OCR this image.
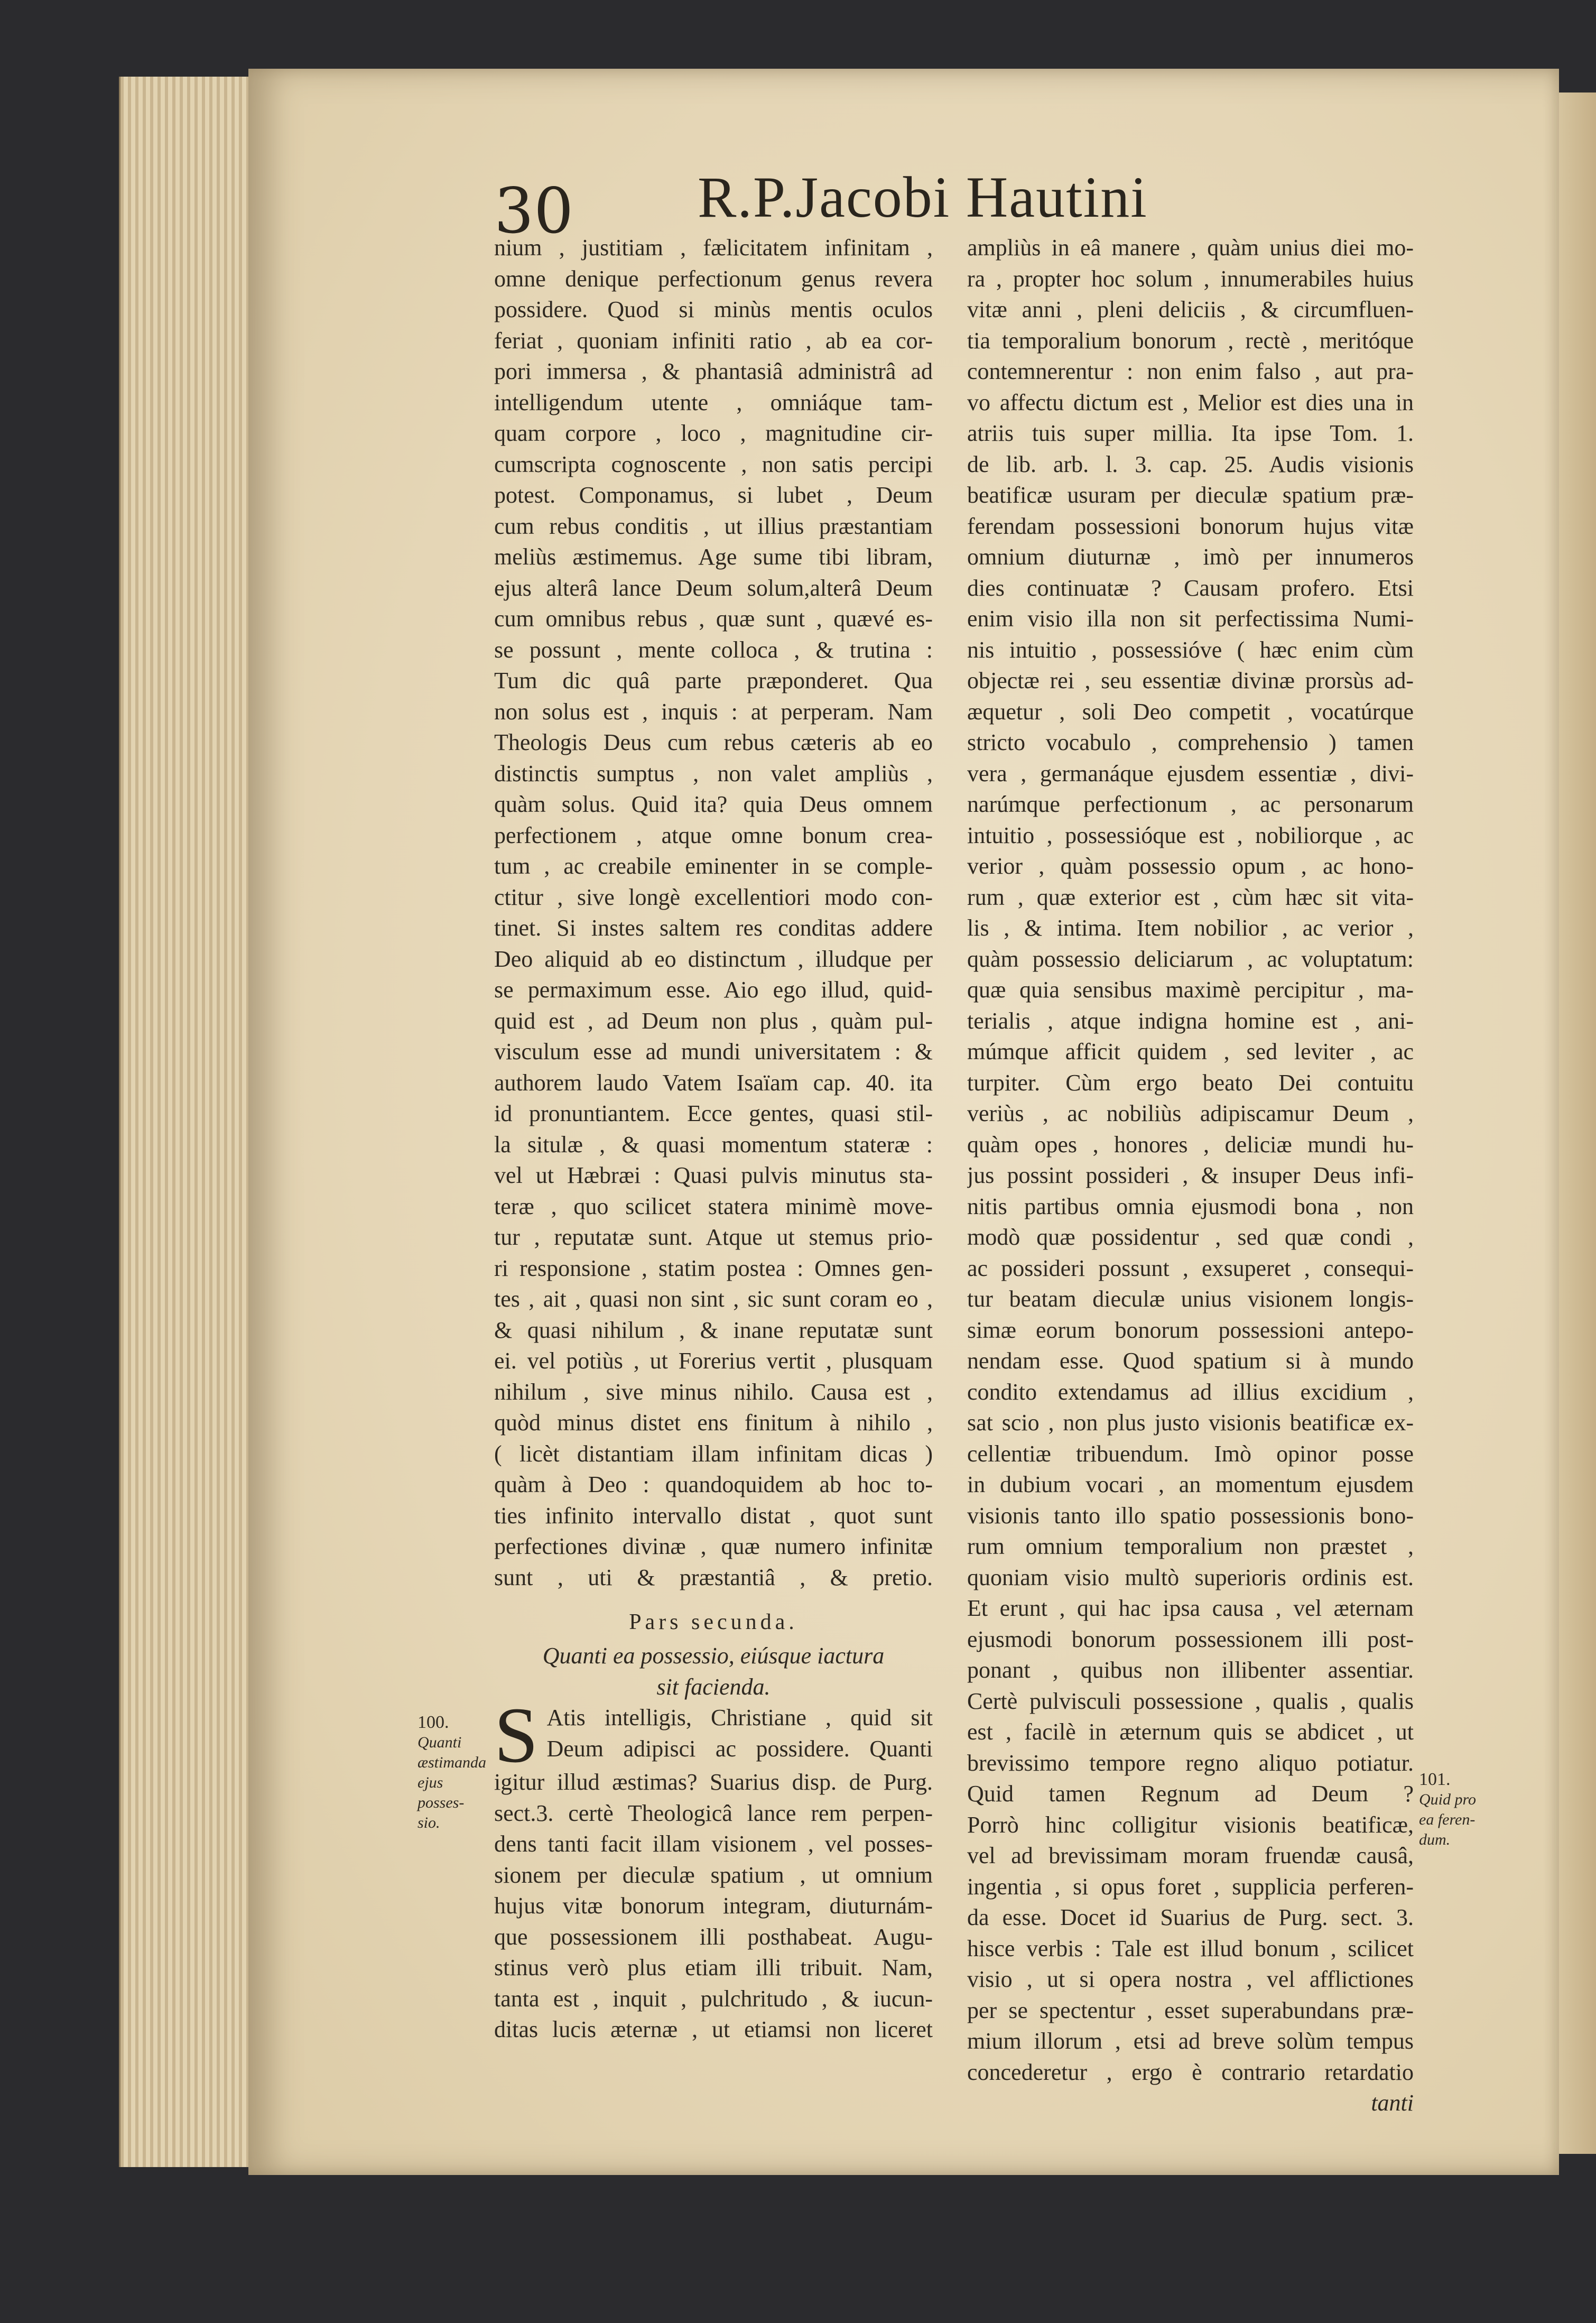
30 R.P.Jacobi Hautini
nium , justitiam , fælicitatem infinitam ,
omne denique perfectionum genus revera
possidere. Quod si minùs mentis oculos
feriat , quoniam infiniti ratio , ab ea cor-
pori immersa , & phantasiâ administrâ ad
intelligendum utente , omniáque tam-
quam corpore , loco , magnitudine cir-
cumscripta cognoscente , non satis percipi
potest. Componamus, si lubet , Deum
cum rebus conditis , ut illius præstantiam
meliùs æstimemus. Age sume tibi libram,
ejus alterâ lance Deum solum,alterâ Deum
cum omnibus rebus , quæ sunt , quævé es-
se possunt , mente colloca , & trutina :
Tum dic quâ parte præponderet. Qua
non solus est , inquis : at perperam. Nam
Theologis Deus cum rebus cæteris ab eo
distinctis sumptus , non valet ampliùs ,
quàm solus. Quid ita? quia Deus omnem
perfectionem , atque omne bonum crea-
tum , ac creabile eminenter in se comple-
ctitur , sive longè excellentiori modo con-
tinet. Si instes saltem res conditas addere
Deo aliquid ab eo distinctum , illudque per
se permaximum esse. Aio ego illud, quid-
quid est , ad Deum non plus , quàm pul-
visculum esse ad mundi universitatem : &
authorem laudo Vatem Isaïam cap. 40. ita
id pronuntiantem. Ecce gentes, quasi stil-
la situlæ , & quasi momentum stateræ :
vel ut Hæbræi : Quasi pulvis minutus sta-
teræ , quo scilicet statera minimè move-
tur , reputatæ sunt. Atque ut stemus prio-
ri responsione , statim postea : Omnes gen-
tes , ait , quasi non sint , sic sunt coram eo ,
& quasi nihilum , & inane reputatæ sunt
ei. vel potiùs , ut Forerius vertit , plusquam
nihilum , sive minus nihilo. Causa est ,
quòd minus distet ens finitum à nihilo ,
( licèt distantiam illam infinitam dicas )
quàm à Deo : quandoquidem ab hoc to-
ties infinito intervallo distat , quot sunt
perfectiones divinæ , quæ numero infinitæ
sunt , uti & præstantiâ , & pretio.
Pars secunda.
Quanti ea possessio, eiúsque iactura
sit facienda.
S Atis intelligis, Christiane , quid sit
Deum adipisci ac possidere. Quanti
igitur illud æstimas? Suarius disp. de Purg.
sect.3. certè Theologicâ lance rem perpen-
dens tanti facit illam visionem , vel posses-
sionem per dieculæ spatium , ut omnium
hujus vitæ bonorum integram, diuturnám-
que possessionem illi posthabeat. Augu-
stinus verò plus etiam illi tribuit. Nam,
tanta est , inquit , pulchritudo , & iucun-
ditas lucis æternæ , ut etiamsi non liceret
ampliùs in eâ manere , quàm unius diei mo-
ra , propter hoc solum , innumerabiles huius
vitæ anni , pleni deliciis , & circumfluen-
tia temporalium bonorum , rectè , meritóque
contemnerentur : non enim falso , aut pra-
vo affectu dictum est , Melior est dies una in
atriis tuis super millia. Ita ipse Tom. 1.
de lib. arb. l. 3. cap. 25. Audis visionis
beatificæ usuram per dieculæ spatium præ-
ferendam possessioni bonorum hujus vitæ
omnium diuturnæ , imò per innumeros
dies continuatæ ? Causam profero. Etsi
enim visio illa non sit perfectissima Numi-
nis intuitio , possessióve ( hæc enim cùm
objectæ rei , seu essentiæ divinæ prorsùs ad-
æquetur , soli Deo competit , vocatúrque
stricto vocabulo , comprehensio ) tamen
vera , germanáque ejusdem essentiæ , divi-
narúmque perfectionum , ac personarum
intuitio , possessióque est , nobiliorque , ac
verior , quàm possessio opum , ac hono-
rum , quæ exterior est , cùm hæc sit vita-
lis , & intima. Item nobilior , ac verior ,
quàm possessio deliciarum , ac voluptatum:
quæ quia sensibus maximè percipitur , ma-
terialis , atque indigna homine est , ani-
múmque afficit quidem , sed leviter , ac
turpiter. Cùm ergo beato Dei contuitu
veriùs , ac nobiliùs adipiscamur Deum ,
quàm opes , honores , deliciæ mundi hu-
jus possint possideri , & insuper Deus infi-
nitis partibus omnia ejusmodi bona , non
modò quæ possidentur , sed quæ condi ,
ac possideri possunt , exsuperet , consequi-
tur beatam dieculæ unius visionem longis-
simæ eorum bonorum possessioni antepo-
nendam esse. Quod spatium si à mundo
condito extendamus ad illius excidium ,
sat scio , non plus justo visionis beatificæ ex-
cellentiæ tribuendum. Imò opinor posse
in dubium vocari , an momentum ejusdem
visionis tanto illo spatio possessionis bono-
rum omnium temporalium non præstet ,
quoniam visio multò superioris ordinis est.
Et erunt , qui hac ipsa causa , vel æternam
ejusmodi bonorum possessionem illi post-
ponant , quibus non illibenter assentiar.
Certè pulvisculi possessione , qualis , qualis
est , facilè in æternum quis se abdicet , ut
brevissimo tempore regno aliquo potiatur.
Quid tamen Regnum ad Deum ?
Porrò hinc colligitur visionis beatificæ,
vel ad brevissimam moram fruendæ causâ,
ingentia , si opus foret , supplicia perferen-
da esse. Docet id Suarius de Purg. sect. 3.
hisce verbis : Tale est illud bonum , scilicet
visio , ut si opera nostra , vel afflictiones
per se spectentur , esset superabundans præ-
mium illorum , etsi ad breve solùm tempus
concederetur , ergo è contrario retardatio
tanti
100.
Quanti
æstimanda
ejus posses-
sio.
101.
Quid pro
ea feren-
dum.
